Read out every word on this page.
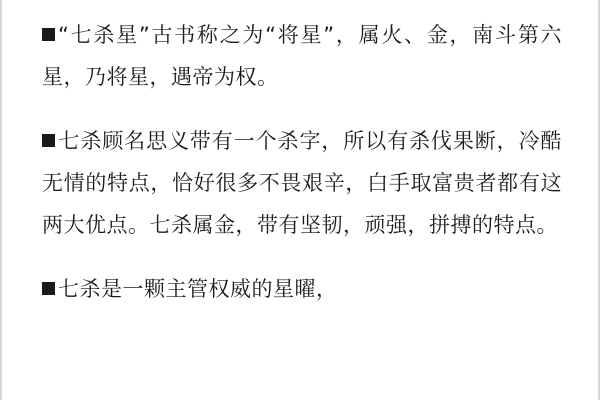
“七杀星”古书称之为“将星”，属火、金，南斗第六星，乃将星，遇帝为权。

七杀顾名思义带有一个杀字，所以有杀伐果断，冷酷无情的特点，恰好很多不畏艰辛，白手取富贵者都有这两大优点。七杀属金，带有坚韧，顽强，拼搏的特点。

七杀是一颗主管权威的星曜，
